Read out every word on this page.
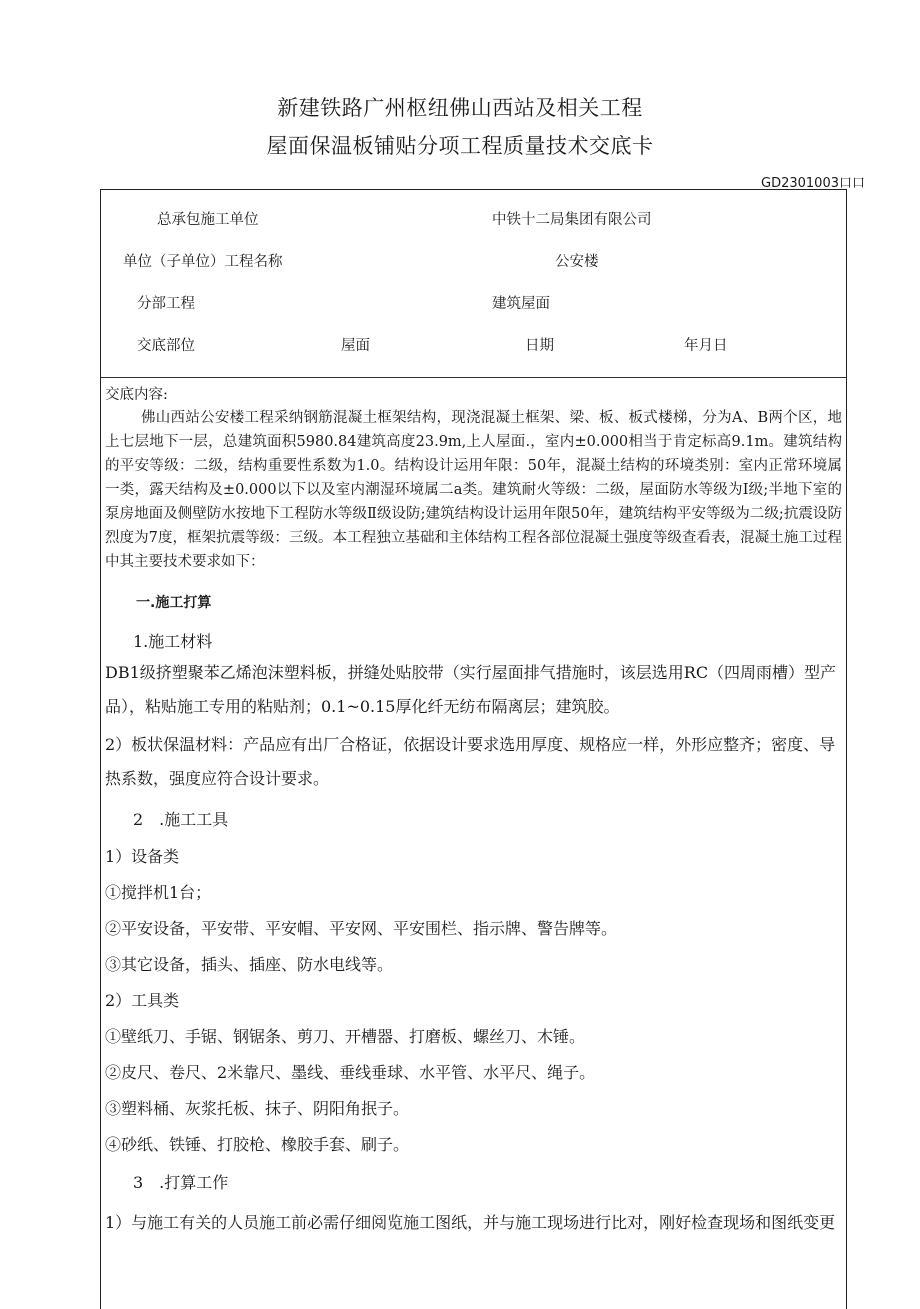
新建铁路广州枢纽佛山西站及相关工程
屋面保温板铺贴分项工程质量技术交底卡
GD2301003口口
总承包施工单位	中铁十二局集团有限公司
单位（子单位）工程名称	公安楼
分部工程	建筑屋面
交底部位	屋面	日期	年月日

交底内容:

佛山西站公安楼工程采纳钢筋混凝土框架结构，现浇混凝土框架、梁、板、板式楼梯，分为A、B两个区，地上七层地下一层，总建筑面积5980.84建筑高度23.9m,上人屋面.，室内±0.000相当于肯定标高9.1m。建筑结构的平安等级：二级，结构重要性系数为1.0。结构设计运用年限：50年，混凝土结构的环境类别：室内正常环境属一类，露天结构及±0.000以下以及室内潮湿环境属二a类。建筑耐火等级：二级，屋面防水等级为Ⅰ级;半地下室的泵房地面及侧壁防水按地下工程防水等级Ⅱ级设防;建筑结构设计运用年限50年，建筑结构平安等级为二级;抗震设防烈度为7度，框架抗震等级：三级。本工程独立基础和主体结构工程各部位混凝土强度等级查看表，混凝土施工过程中其主要技术要求如下：

一.施工打算
1.施工材料
DB1级挤塑聚苯乙烯泡沫塑料板，拼缝处贴胶带（实行屋面排气措施时，该层选用RC（四周雨槽）型产品），粘贴施工专用的粘贴剂；0.1~0.15厚化纤无纺布隔离层；建筑胶。
2）板状保温材料：产品应有出厂合格证，依据设计要求选用厚度、规格应一样，外形应整齐；密度、导热系数，强度应符合设计要求。
2　.施工工具
1）设备类
①搅拌机1台；
②平安设备，平安带、平安帽、平安网、平安围栏、指示牌、警告牌等。
③其它设备，插头、插座、防水电线等。
2）工具类
①壁纸刀、手锯、钢锯条、剪刀、开槽器、打磨板、螺丝刀、木锤。
②皮尺、卷尺、2米靠尺、墨线、垂线垂球、水平管、水平尺、绳子。
③塑料桶、灰浆托板、抹子、阴阳角抿子。
④砂纸、铁锤、打胶枪、橡胶手套、刷子。
3　.打算工作
1）与施工有关的人员施工前必需仔细阅览施工图纸，并与施工现场进行比对，刚好检查现场和图纸变更
